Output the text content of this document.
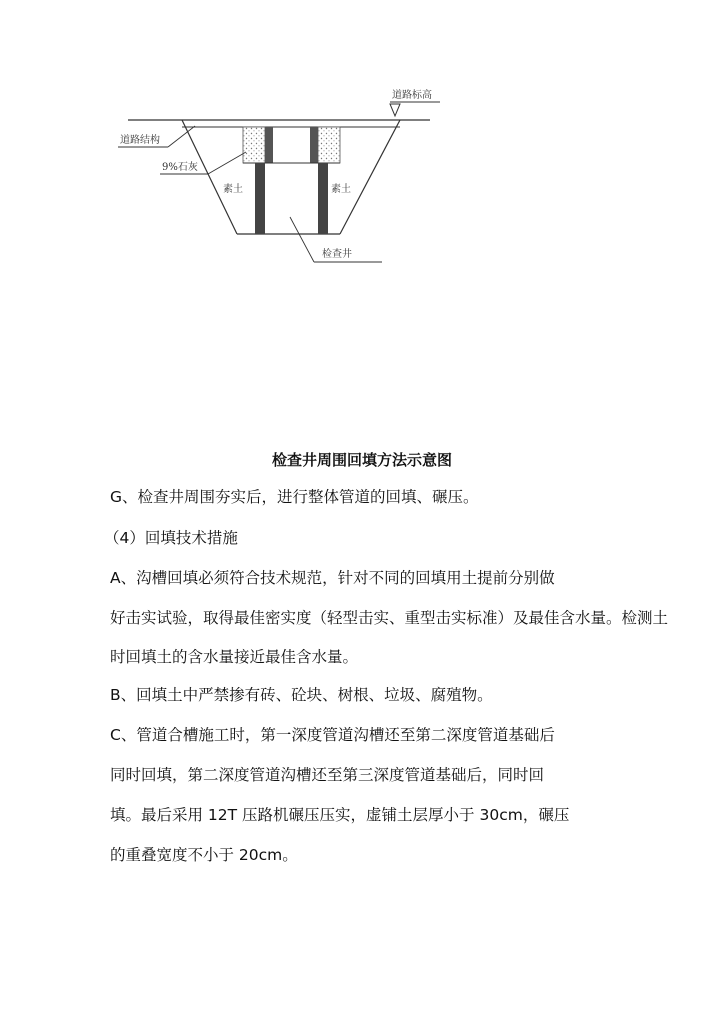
道路标高
道路结构
9%石灰
素土	素土
检查井
检查井周围回填方法示意图
G、检查井周围夯实后，进行整体管道的回填、碾压。
（4）回填技术措施
A、沟槽回填必须符合技术规范，针对不同的回填用土提前分别做
好击实试验，取得最佳密实度（轻型击实、重型击实标准）及最佳含水量。检测土
时回填土的含水量接近最佳含水量。
B、回填土中严禁掺有砖、砼块、树根、垃圾、腐殖物。
C、管道合槽施工时，第一深度管道沟槽还至第二深度管道基础后
同时回填，第二深度管道沟槽还至第三深度管道基础后，同时回
填。最后采用 12T 压路机碾压压实，虚铺土层厚小于 30cm，碾压
的重叠宽度不小于 20cm。
